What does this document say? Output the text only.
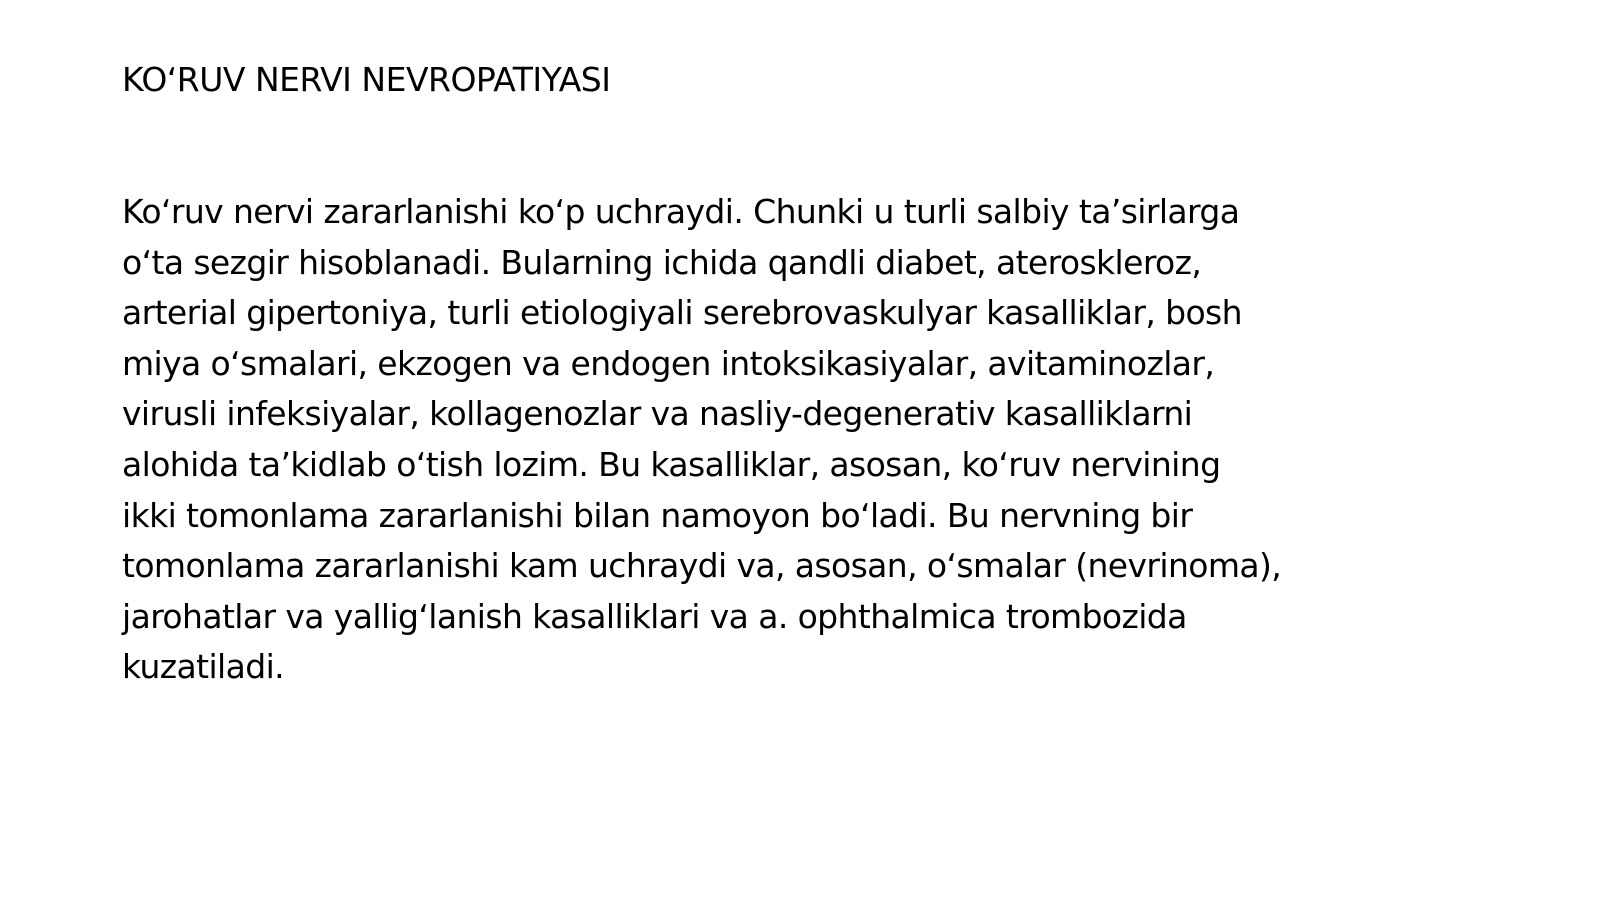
KO‘RUV NERVI NEVROPATIYASI
Ko‘ruv nervi zararlanishi ko‘p uchraydi. Chunki u turli salbiy ta’sirlarga
o‘ta sezgir hisoblanadi. Bularning ichida qandli diabet, ateroskleroz,
arterial gipertoniya, turli etiologiyali serebrovaskulyar kasalliklar, bosh
miya o‘smalari, ekzogen va endogen intoksikasiyalar, avitaminozlar,
virusli infeksiyalar, kollagenozlar va nasliy-degenerativ kasalliklarni
alohida ta’kidlab o‘tish lozim. Bu kasalliklar, asosan, ko‘ruv nervining
ikki tomonlama zararlanishi bilan namoyon bo‘ladi. Bu nervning bir
tomonlama zararlanishi kam uchraydi va, asosan, o‘smalar (nevrinoma),
jarohatlar va yallig‘lanish kasalliklari va a. ophthalmica trombozida
kuzatiladi.
